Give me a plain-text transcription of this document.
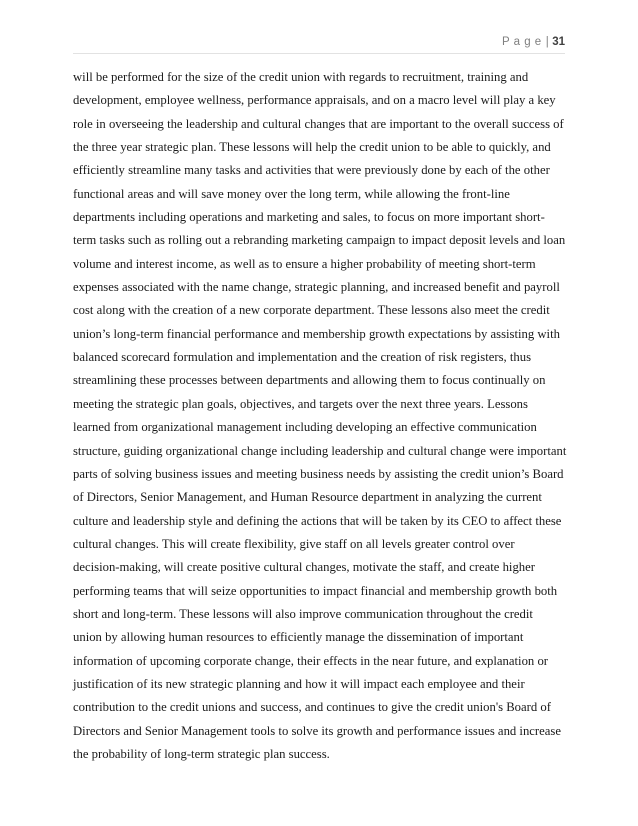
P a g e | 31
will be performed for the size of the credit union with regards to recruitment, training and
development, employee wellness, performance appraisals, and on a macro level will play a key
role in overseeing the leadership and cultural changes that are important to the overall success of
the three year strategic plan. These lessons will help the credit union to be able to quickly, and
efficiently streamline many tasks and activities that were previously done by each of the other
functional areas and will save money over the long term, while allowing the front-line
departments including operations and marketing and sales, to focus on more important short-
term tasks such as rolling out a rebranding marketing campaign to impact deposit levels and loan
volume and interest income, as well as to ensure a higher probability of meeting short-term
expenses associated with the name change, strategic planning, and increased benefit and payroll
cost along with the creation of a new corporate department. These lessons also meet the credit
union’s long-term financial performance and membership growth expectations by assisting with
balanced scorecard formulation and implementation and the creation of risk registers, thus
streamlining these processes between departments and allowing them to focus continually on
meeting the strategic plan goals, objectives, and targets over the next three years. Lessons
learned from organizational management including developing an effective communication
structure, guiding organizational change including leadership and cultural change were important
parts of solving business issues and meeting business needs by assisting the credit union’s Board
of Directors, Senior Management, and Human Resource department in analyzing the current
culture and leadership style and defining the actions that will be taken by its CEO to affect these
cultural changes. This will create flexibility, give staff on all levels greater control over
decision-making, will create positive cultural changes, motivate the staff, and create higher
performing teams that will seize opportunities to impact financial and membership growth both
short and long-term. These lessons will also improve communication throughout the credit
union by allowing human resources to efficiently manage the dissemination of important
information of upcoming corporate change, their effects in the near future, and explanation or
justification of its new strategic planning and how it will impact each employee and their
contribution to the credit unions and success, and continues to give the credit union's Board of
Directors and Senior Management tools to solve its growth and performance issues and increase
the probability of long-term strategic plan success.
